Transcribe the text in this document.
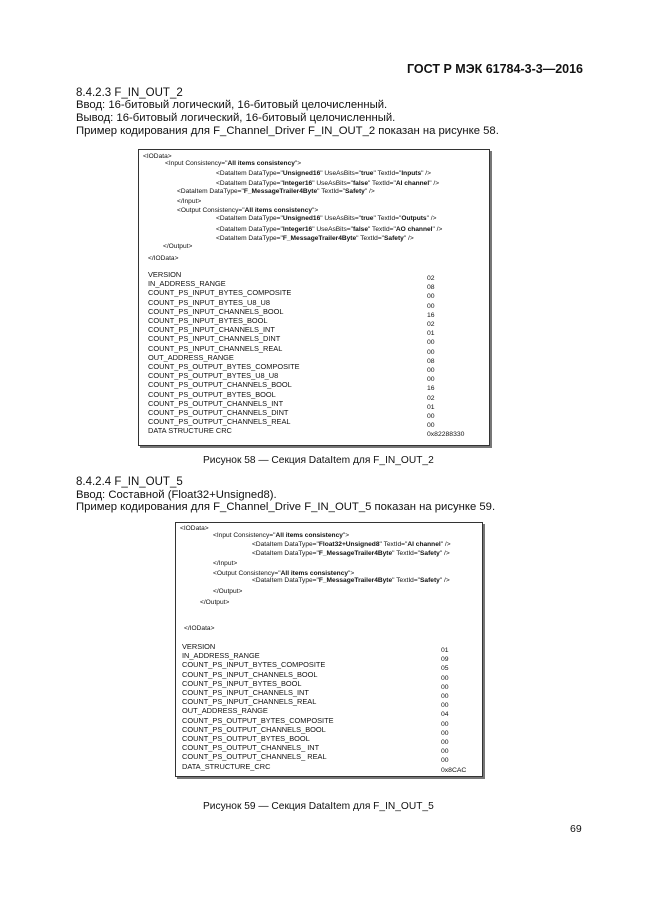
ГОСТ Р МЭК 61784-3-3—2016
8.4.2.3 F_IN_OUT_2
Ввод: 16-битовый логический, 16-битовый целочисленный.
Вывод: 16-битовый логический, 16-битовый целочисленный.
Пример кодирования для F_Channel_Driver F_IN_OUT_2 показан на рисунке 58.
<IOData>
<Input Consistency="All items consistency">
<DataItem DataType="Unsigned16" UseAsBits="true" TextId="Inputs" />
<DataItem DataType="Integer16" UseAsBits="false" TextId="AI channel" />
<DataItem DataType="F_MessageTrailer4Byte" TextId="Safety" />
</Input>
<Output Consistency="All items consistency">
<DataItem DataType="Unsigned16" UseAsBits="true" TextId="Outputs" />
<DataItem DataType="Integer16" UseAsBits="false" TextId="AO channel" />
<DataItem DataType="F_MessageTrailer4Byte" TextId="Safety" />
</Output>
</IOData>
VERSION
IN_ADDRESS_RANGE
COUNT_PS_INPUT_BYTES_COMPOSITE
COUNT_PS_INPUT_BYTES_U8_U8
COUNT_PS_INPUT_CHANNELS_BOOL
COUNT_PS_INPUT_BYTES_BOOL
COUNT_PS_INPUT_CHANNELS_INT
COUNT_PS_INPUT_CHANNELS_DINT
COUNT_PS_INPUT_CHANNELS_REAL
OUT_ADDRESS_RANGE
COUNT_PS_OUTPUT_BYTES_COMPOSITE
COUNT_PS_OUTPUT_BYTES_U8_U8
COUNT_PS_OUTPUT_CHANNELS_BOOL
COUNT_PS_OUTPUT_BYTES_BOOL
COUNT_PS_OUTPUT_CHANNELS_INT
COUNT_PS_OUTPUT_CHANNELS_DINT
COUNT_PS_OUTPUT_CHANNELS_REAL
DATA STRUCTURE CRC
02
08
00
00
16
02
01
00
00
08
00
00
16
02
01
00
00
0x82288330
Рисунок 58 — Секция DataItem для F_IN_OUT_2
8.4.2.4 F_IN_OUT_5
Ввод: Составной (Float32+Unsigned8).
Пример кодирования для F_Channel_Drive F_IN_OUT_5 показан на рисунке 59.
<IOData>
<Input Consistency="All items consistency">
<DataItem DataType="Float32+Unsigned8" TextId="AI channel" />
<DataItem DataType="F_MessageTrailer4Byte" TextId="Safety" />
</Input>
<Output Consistency="All items consistency">
<DataItem DataType="F_MessageTrailer4Byte" TextId="Safety" />
</Output>
</Output>
</IOData>
VERSION
IN_ADDRESS_RANGE
COUNT_PS_INPUT_BYTES_COMPOSITE
COUNT_PS_INPUT_CHANNELS_BOOL
COUNT_PS_INPUT_BYTES_BOOL
COUNT_PS_INPUT_CHANNELS_INT
COUNT_PS_INPUT_CHANNELS_REAL
OUT_ADDRESS_RANGE
COUNT_PS_OUTPUT_BYTES_COMPOSITE
COUNT_PS_OUTPUT_CHANNELS_BOOL
COUNT_PS_OUTPUT_BYTES_BOOL
COUNT_PS_OUTPUT_CHANNELS_ INT
COUNT_PS_OUTPUT_CHANNELS_ REAL
DATA_STRUCTURE_CRC
01
09
05
00
00
00
00
04
00
00
00
00
00
0x8CAC
Рисунок 59 — Секция DataItem для F_IN_OUT_5
69
